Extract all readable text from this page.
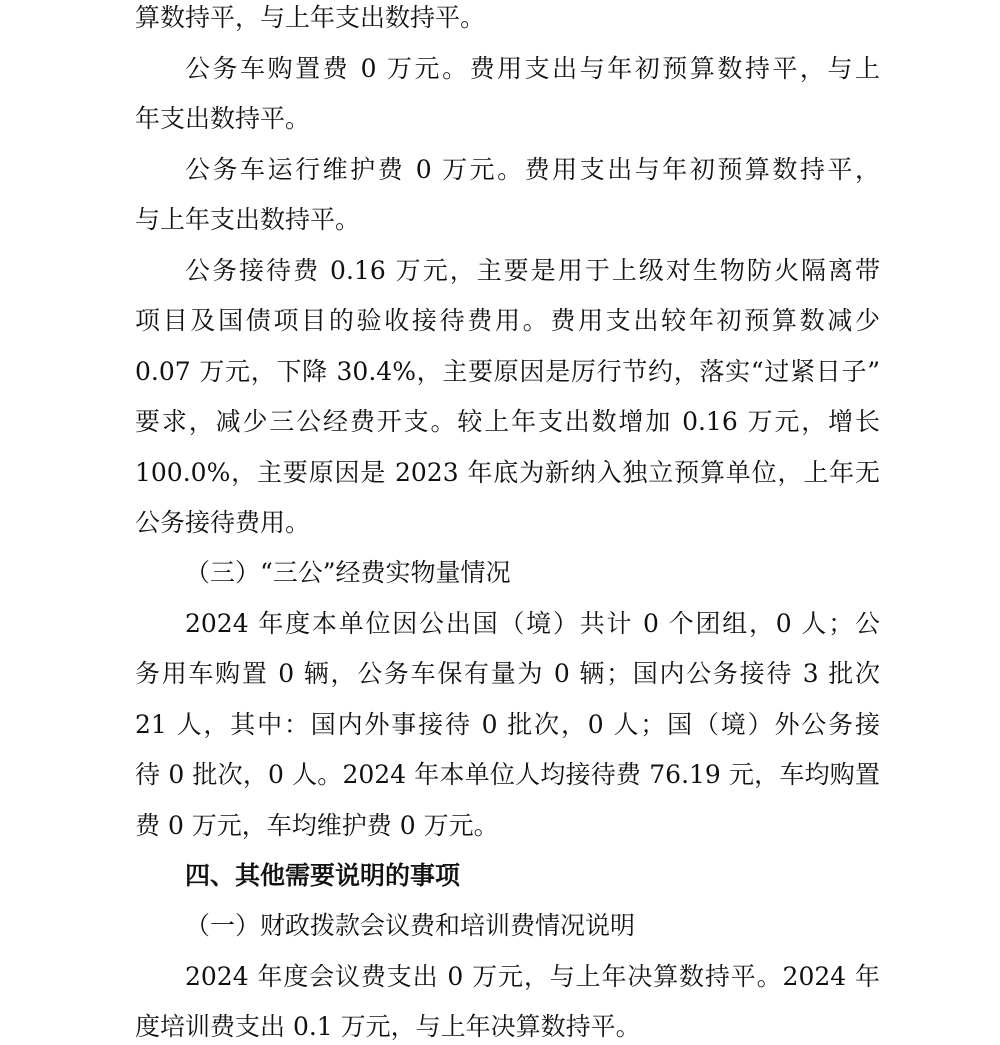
算数持平，与上年支出数持平。
公务车购置费 0 万元。费用支出与年初预算数持平，与上
年支出数持平。
公务车运行维护费 0 万元。费用支出与年初预算数持平，
与上年支出数持平。
公务接待费 0.16 万元，主要是用于上级对生物防火隔离带
项目及国债项目的验收接待费用。费用支出较年初预算数减少
0.07 万元，下降 30.4%，主要原因是厉行节约，落实“过紧日子”
要求，减少三公经费开支。较上年支出数增加 0.16 万元，增长
100.0%，主要原因是 2023 年底为新纳入独立预算单位，上年无
公务接待费用。
（三）“三公”经费实物量情况
2024 年度本单位因公出国（境）共计 0 个团组，0 人；公
务用车购置 0 辆，公务车保有量为 0 辆；国内公务接待 3 批次
21 人，其中：国内外事接待 0 批次，0 人；国（境）外公务接
待 0 批次，0 人。2024 年本单位人均接待费 76.19 元，车均购置
费 0 万元，车均维护费 0 万元。
四、其他需要说明的事项
（一）财政拨款会议费和培训费情况说明
2024 年度会议费支出 0 万元，与上年决算数持平。2024 年
度培训费支出 0.1 万元，与上年决算数持平。
